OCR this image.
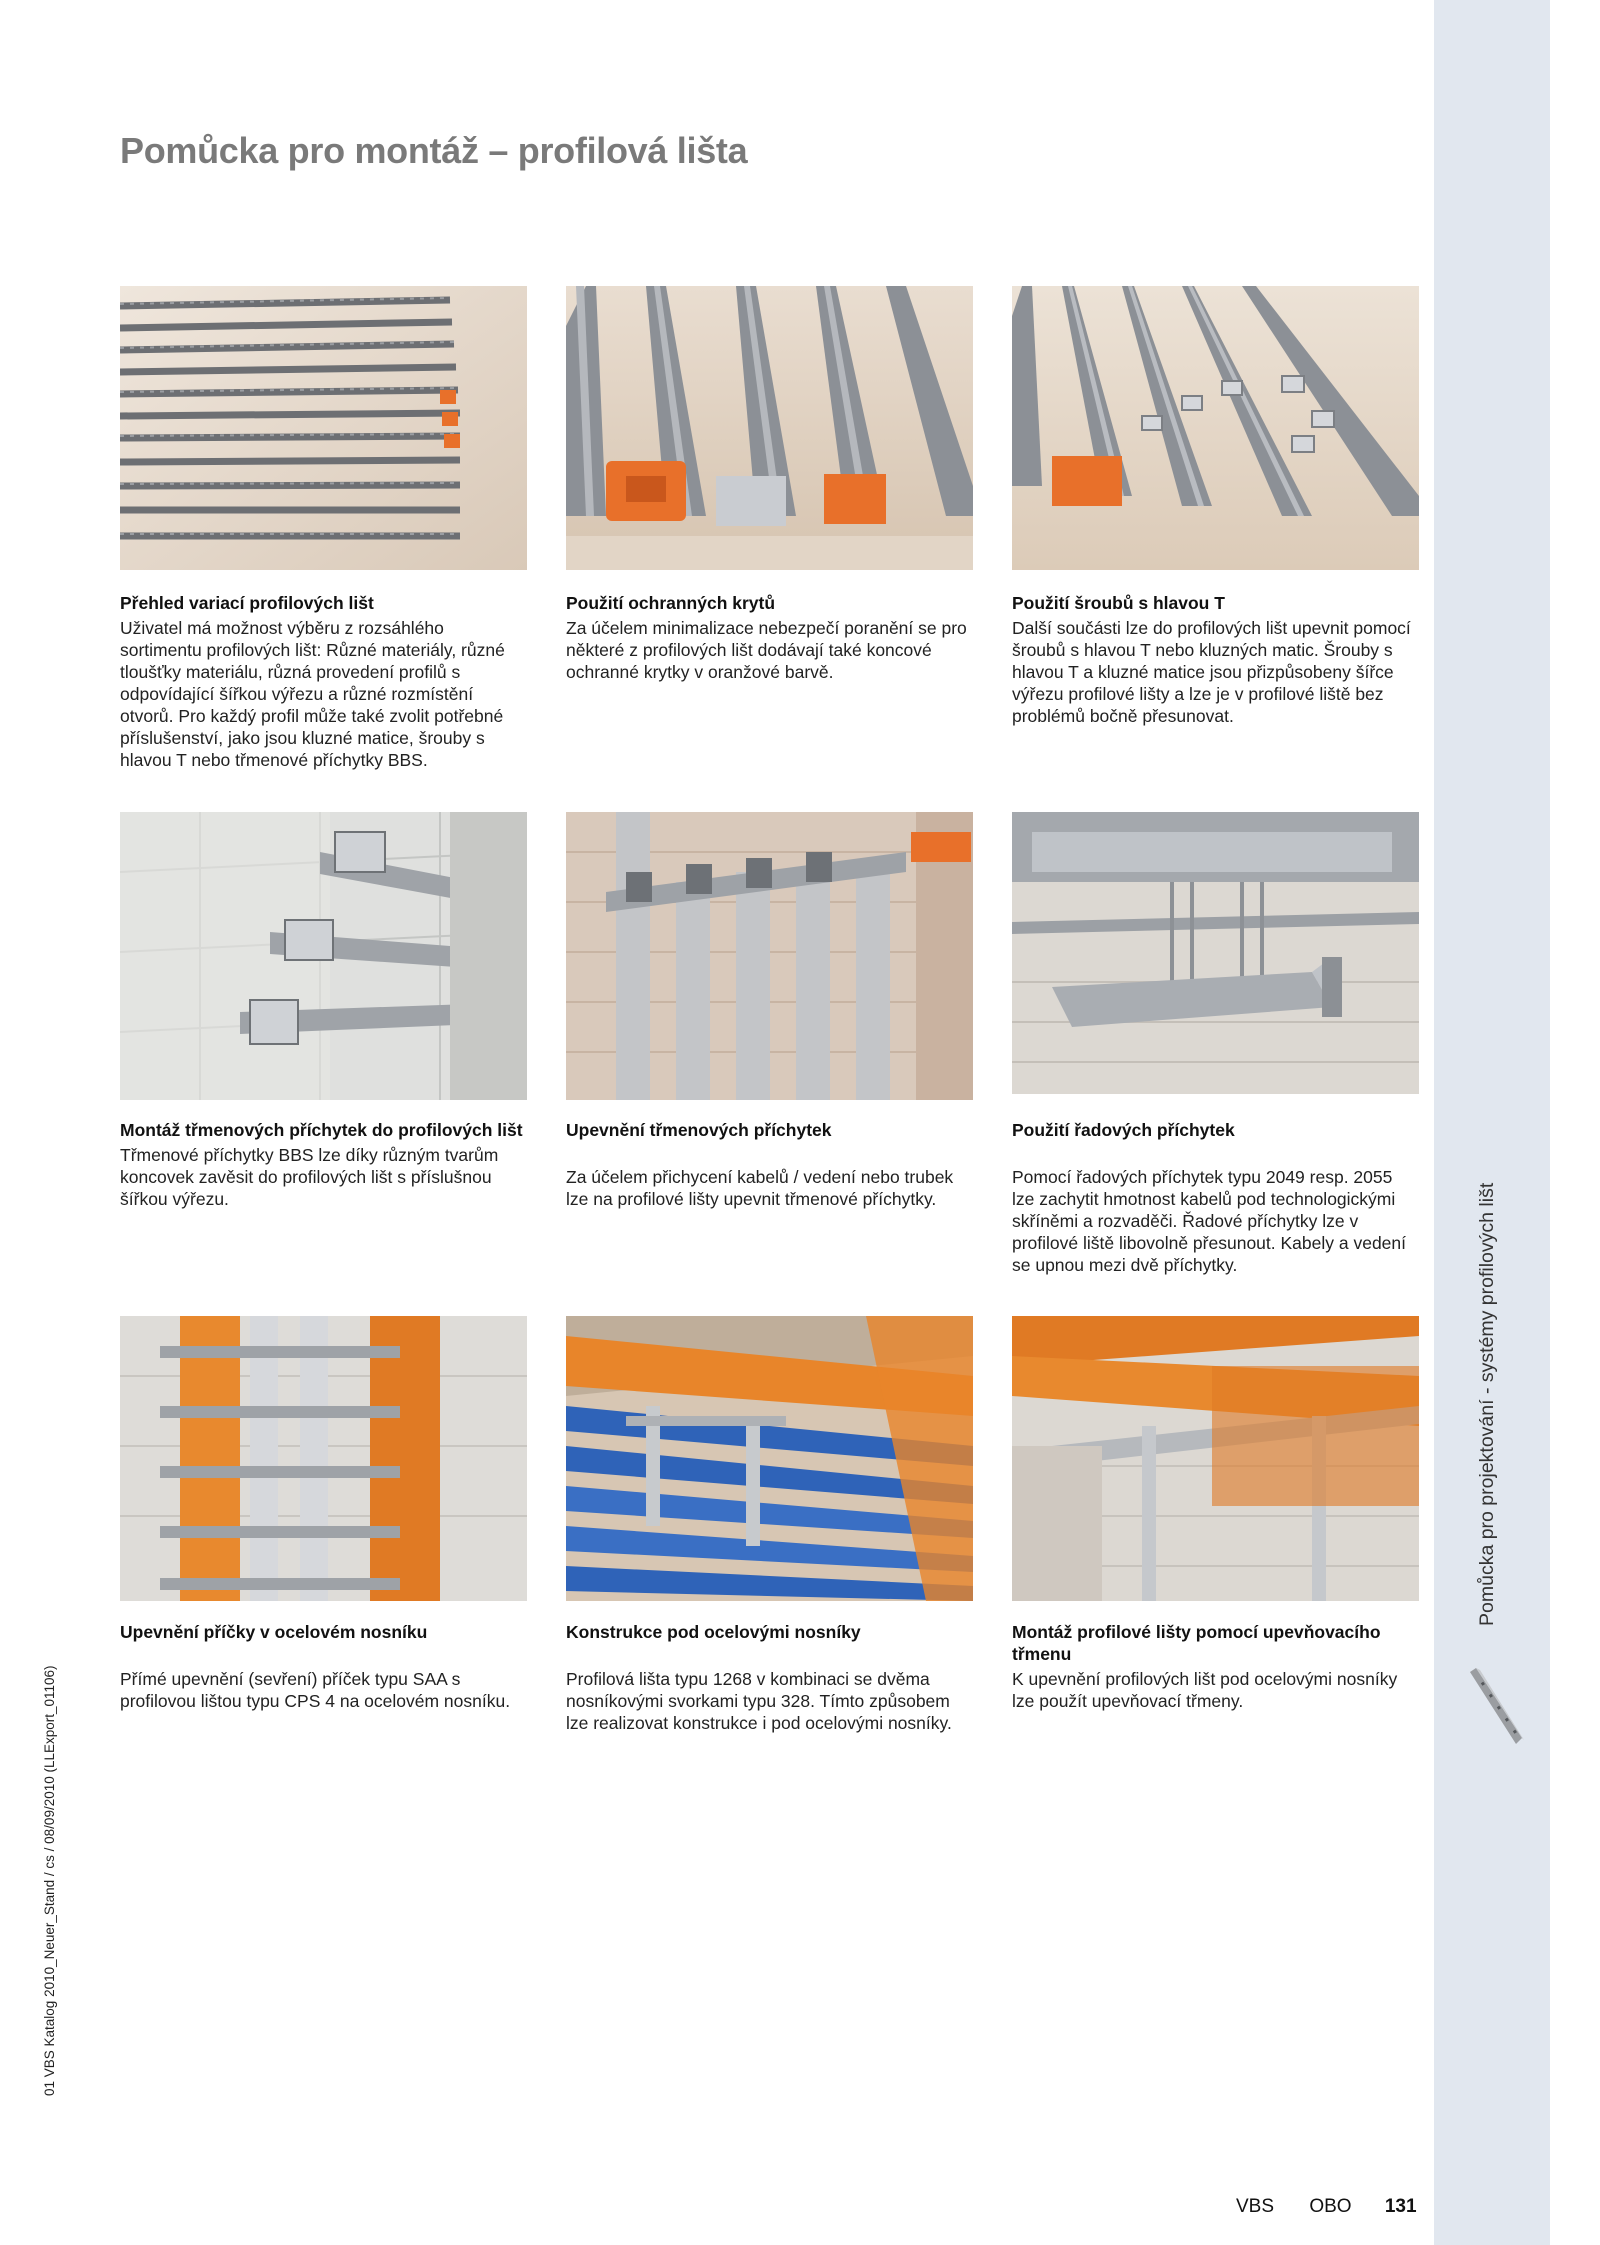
Pomůcka pro montáž – profilová lišta

Přehled variací profilových lišt

Uživatel má možnost výběru z rozsáhlého sortimentu profilových lišt: Různé materiály, různé tloušťky materiálu, různá provedení profilů s odpovídající šířkou výřezu a různé rozmístění otvorů. Pro každý profil může také zvolit potřebné příslušenství, jako jsou kluzné matice, šrouby s hlavou T nebo třmenové příchytky BBS.

Použití ochranných krytů

Za účelem minimalizace nebezpečí poranění se pro některé z profilových lišt dodávají také koncové ochranné krytky v oranžové barvě.

Použití šroubů s hlavou T

Další součásti lze do profilových lišt upevnit pomocí šroubů s hlavou T nebo kluzných matic. Šrouby s hlavou T a kluzné matice jsou přizpůsobeny šířce výřezu profilové lišty a lze je v profilové liště bez problémů bočně přesunovat.

Montáž třmenových příchytek do profilových lišt

Třmenové příchytky BBS lze díky různým tvarům koncovek zavěsit do profilových lišt s příslušnou šířkou výřezu.

Upevnění třmenových příchytek

Za účelem přichycení kabelů / vedení nebo trubek lze na profilové lišty upevnit třmenové příchytky.

Použití řadových příchytek

Pomocí řadových příchytek typu 2049 resp. 2055 lze zachytit hmotnost kabelů pod technologickými skříněmi a rozvaděči. Řadové příchytky lze v profilové liště libovolně přesunout. Kabely a vedení se upnou mezi dvě příchytky.

Upevnění příčky v ocelovém nosníku

Přímé upevnění (sevření) příček typu SAA s profilovou lištou typu CPS 4 na ocelovém nosníku.

Konstrukce pod ocelovými nosníky

Profilová lišta typu 1268 v kombinaci se dvěma nosníkovými svorkami typu 328. Tímto způsobem lze realizovat konstrukce i pod ocelovými nosníky.

Montáž profilové lišty pomocí upevňovacího třmenu

K upevnění profilových lišt pod ocelovými nosníky lze použít upevňovací třmeny.

Pomůcka pro projektování - systémy profilových lišt
01 VBS Katalog 2010_Neuer_Stand / cs / 08/09/2010 (LLExport_01106)
VBS OBO 131
